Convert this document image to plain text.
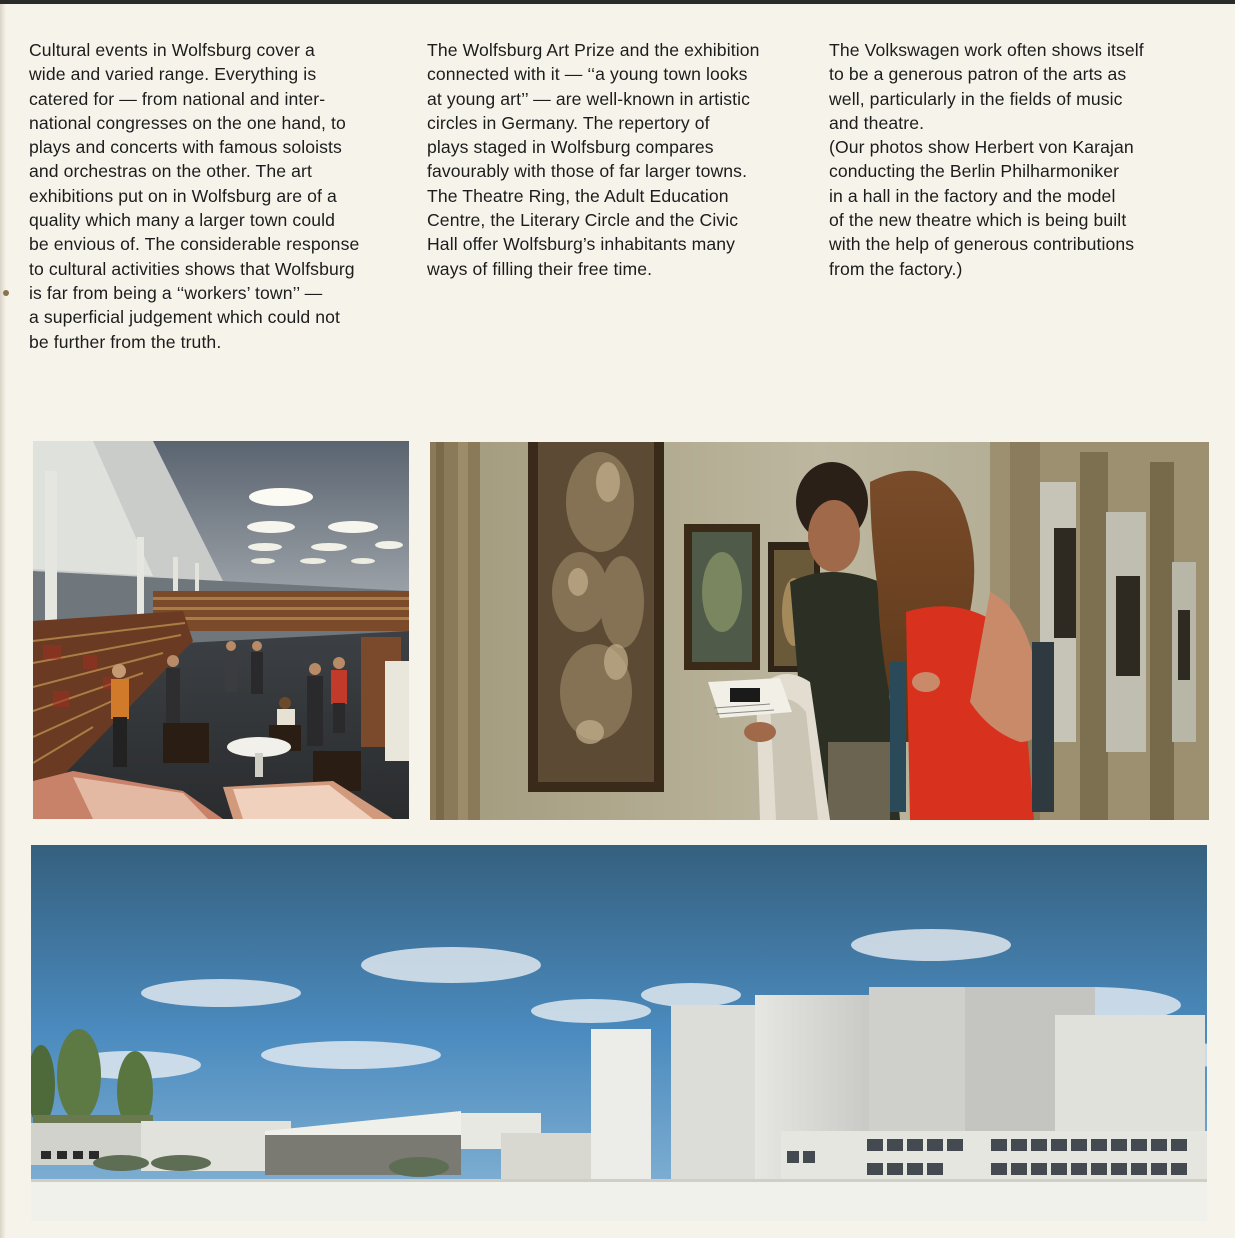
Cultural events in Wolfsburg cover a
wide and varied range. Everything is
catered for — from national and inter-
national congresses on the one hand, to
plays and concerts with famous soloists
and orchestras on the other. The art
exhibitions put on in Wolfsburg are of a
quality which many a larger town could
be envious of. The considerable response
to cultural activities shows that Wolfsburg
is far from being a ‘‘workers’ town’’ —
a superficial judgement which could not
be further from the truth.
The Wolfsburg Art Prize and the exhibition
connected with it — ‘‘a young town looks
at young art’’ — are well-known in artistic
circles in Germany. The repertory of
plays staged in Wolfsburg compares
favourably with those of far larger towns.
The Theatre Ring, the Adult Education
Centre, the Literary Circle and the Civic
Hall offer Wolfsburg’s inhabitants many
ways of filling their free time.
The Volkswagen work often shows itself
to be a generous patron of the arts as
well, particularly in the fields of music
and theatre.
(Our photos show Herbert von Karajan
conducting the Berlin Philharmoniker
in a hall in the factory and the model
of the new theatre which is being built
with the help of generous contributions
from the factory.)
